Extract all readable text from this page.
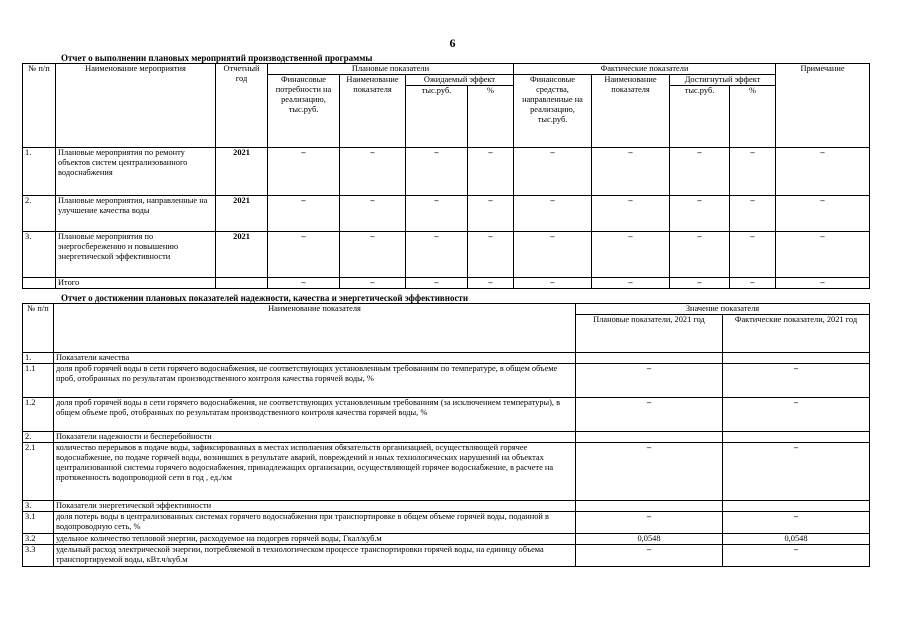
6
Отчет о выполнении плановых мероприятий производственной программы
№ п/п	Наименование мероприятия	Отчетный год	Плановые показатели				Фактические показатели				Примечание
			Финансовые потребности на реализацию, тыс.руб.	Наименование показателя	Ожидаемый эффект		Финансовые средства, направленные на реализацию, тыс.руб.	Наименование показателя	Достигнутый эффект		
					тыс.руб.	%			тыс.руб.	%	
1.	Плановые мероприятия по ремонту объектов систем централизованного водоснабжения	2021	–	–	–	–	–	–	–	–	–
2.	Плановые мероприятия, направленные на улучшение качества воды	2021	–	–	–	–	–	–	–	–	–
3.	Плановые мероприятия по энергосбережению и повышению энергетической эффективности	2021	–	–	–	–	–	–	–	–	–
	Итого		–	–	–	–	–	–	–	–	–
Отчет о достижении плановых показателей надежности, качества и энергетической эффективности
№ п/п	Наименование показателя	Значение показателя	
		Плановые показатели, 2021 год	Фактические показатели, 2021 год
1.	Показатели качества		
1.1	доля проб горячей воды в сети горячего водоснабжения, не соответствующих установленным требованиям по температуре, в общем объеме проб, отобранных по результатам производственного контроля качества горячей воды, %	–	–
1.2	доля проб горячей воды в сети горячего водоснабжения, не соответствующих установленным требованиям (за исключением температуры), в общем объеме проб, отобранных по результатам производственного контроля качества горячей воды, %	–	–
2.	Показатели надежности и бесперебойности		
2.1	количество перерывов в подаче воды, зафиксированных в местах исполнения обязательств организацией, осуществляющей горячее водоснабжение, по подаче горячей воды, возникших в результате аварий, повреждений и иных технологических нарушений на объектах централизованной системы горячего водоснабжения, принадлежащих организации, осуществляющей горячее водоснабжение, в расчете на протяженность водопроводной сети в год , ед./км	–	–
3.	Показатели энергетической эффективности		
3.1	доля потерь воды в централизованных системах горячего водоснабжения при транспортировке в общем объеме горячей воды, поданной в водопроводную сеть, %	–	–
3.2	удельное количество тепловой энергии, расходуемое на подогрев горячей воды, Гкал/куб.м	0,0548	0,0548
3.3	удельный расход электрической энергии, потребляемой в технологическом процессе транспортировки горячей воды, на единицу объема транспортируемой воды, кВт.ч/куб.м	–	–
